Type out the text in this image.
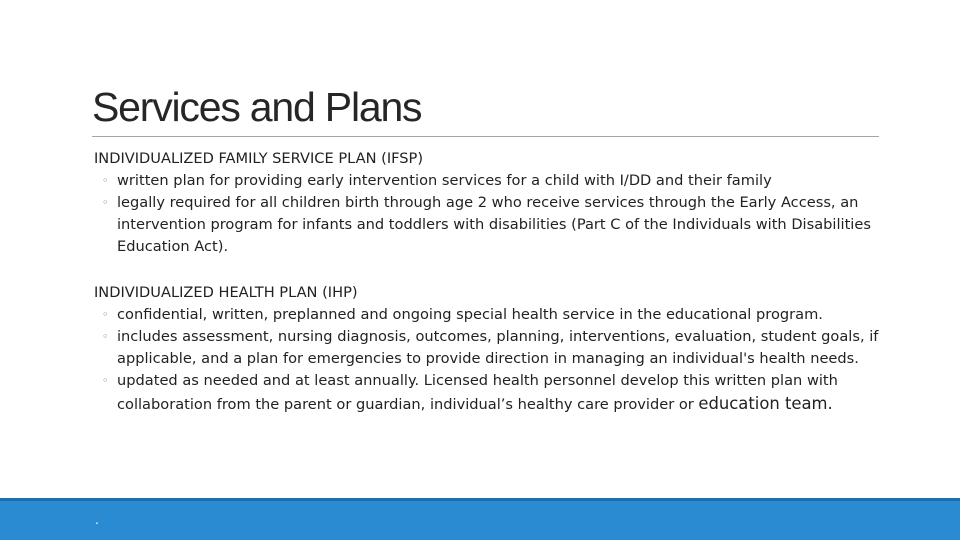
Services and Plans
INDIVIDUALIZED FAMILY SERVICE PLAN (IFSP)
◦ written plan for providing early intervention services for a child with I/DD and their family
◦ legally required for all children birth through age 2 who receive services through the Early Access, an intervention program for infants and toddlers with disabilities (Part C of the Individuals with Disabilities Education Act).
INDIVIDUALIZED HEALTH PLAN (IHP)
◦ confidential, written, preplanned and ongoing special health service in the educational program.
◦ includes assessment, nursing diagnosis, outcomes, planning, interventions, evaluation, student goals, if applicable, and a plan for emergencies to provide direction in managing an individual's health needs.
◦ updated as needed and at least annually. Licensed health personnel develop this written plan with collaboration from the parent or guardian, individual’s healthy care provider or education team.
.
